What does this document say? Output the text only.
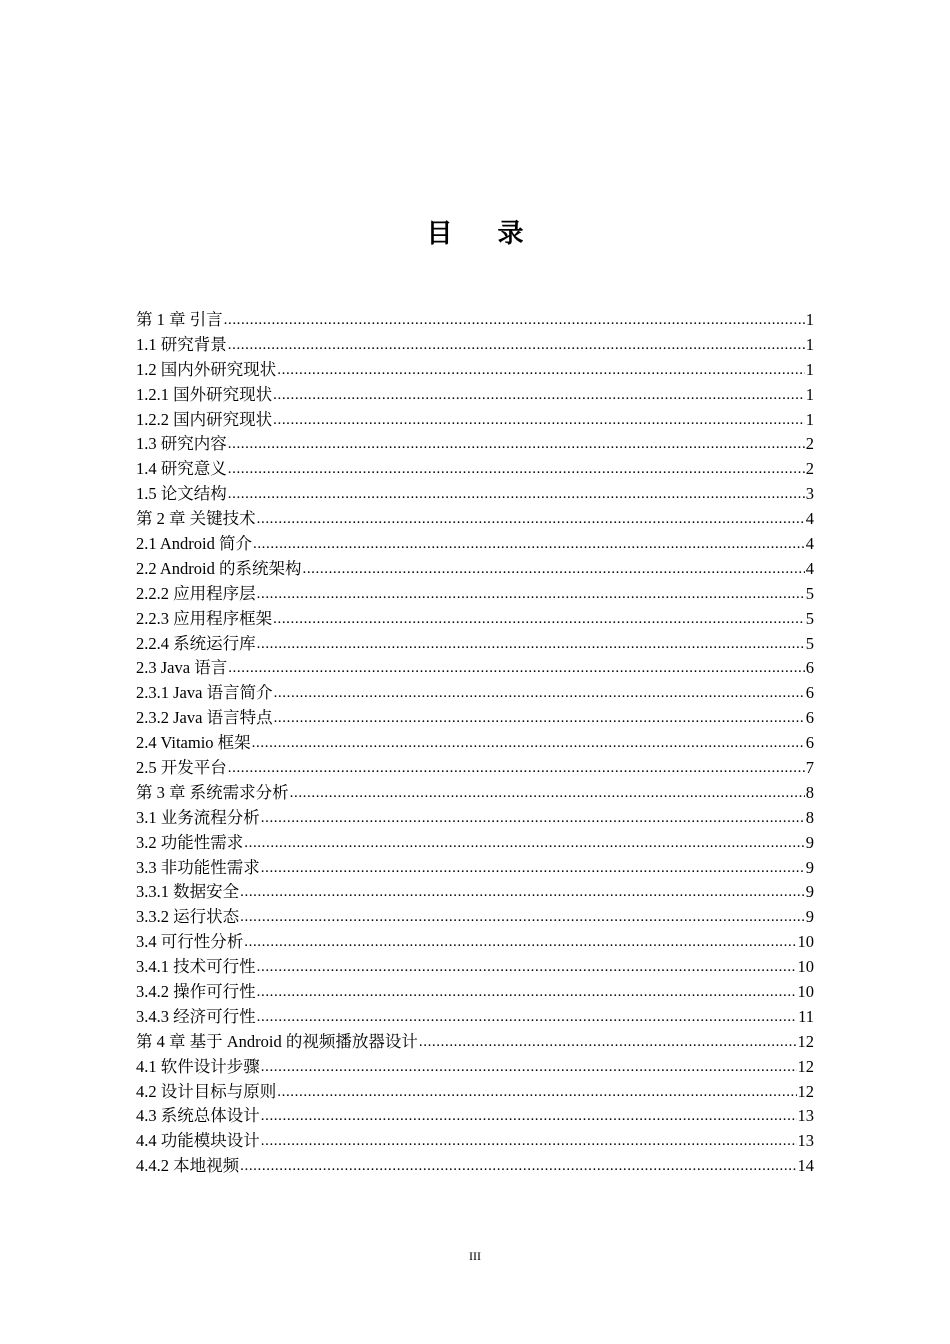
目 录
第 1 章 引言 .....	1
1.1 研究背景 .....	1
1.2 国内外研究现状 .....	1
1.2.1 国外研究现状 .....	1
1.2.2 国内研究现状 .....	1
1.3 研究内容 .....	2
1.4 研究意义 .....	2
1.5 论文结构 .....	3
第 2 章 关键技术 .....	4
2.1 Android 简介 .....	4
2.2 Android 的系统架构 .....	4
2.2.2 应用程序层 .....	5
2.2.3 应用程序框架 .....	5
2.2.4 系统运行库 .....	5
2.3 Java 语言 .....	6
2.3.1 Java 语言简介 .....	6
2.3.2 Java 语言特点 .....	6
2.4 Vitamio 框架 .....	6
2.5 开发平台 .....	7
第 3 章 系统需求分析 .....	8
3.1 业务流程分析 .....	8
3.2 功能性需求 .....	9
3.3 非功能性需求 .....	9
3.3.1 数据安全 .....	9
3.3.2 运行状态 .....	9
3.4 可行性分析 .....	10
3.4.1 技术可行性 .....	10
3.4.2 操作可行性 .....	10
3.4.3 经济可行性 .....	11
第 4 章 基于 Android 的视频播放器设计 .....	12
4.1 软件设计步骤 .....	12
4.2 设计目标与原则 .....	12
4.3 系统总体设计 .....	13
4.4 功能模块设计 .....	13
4.4.2 本地视频 .....	14
III
